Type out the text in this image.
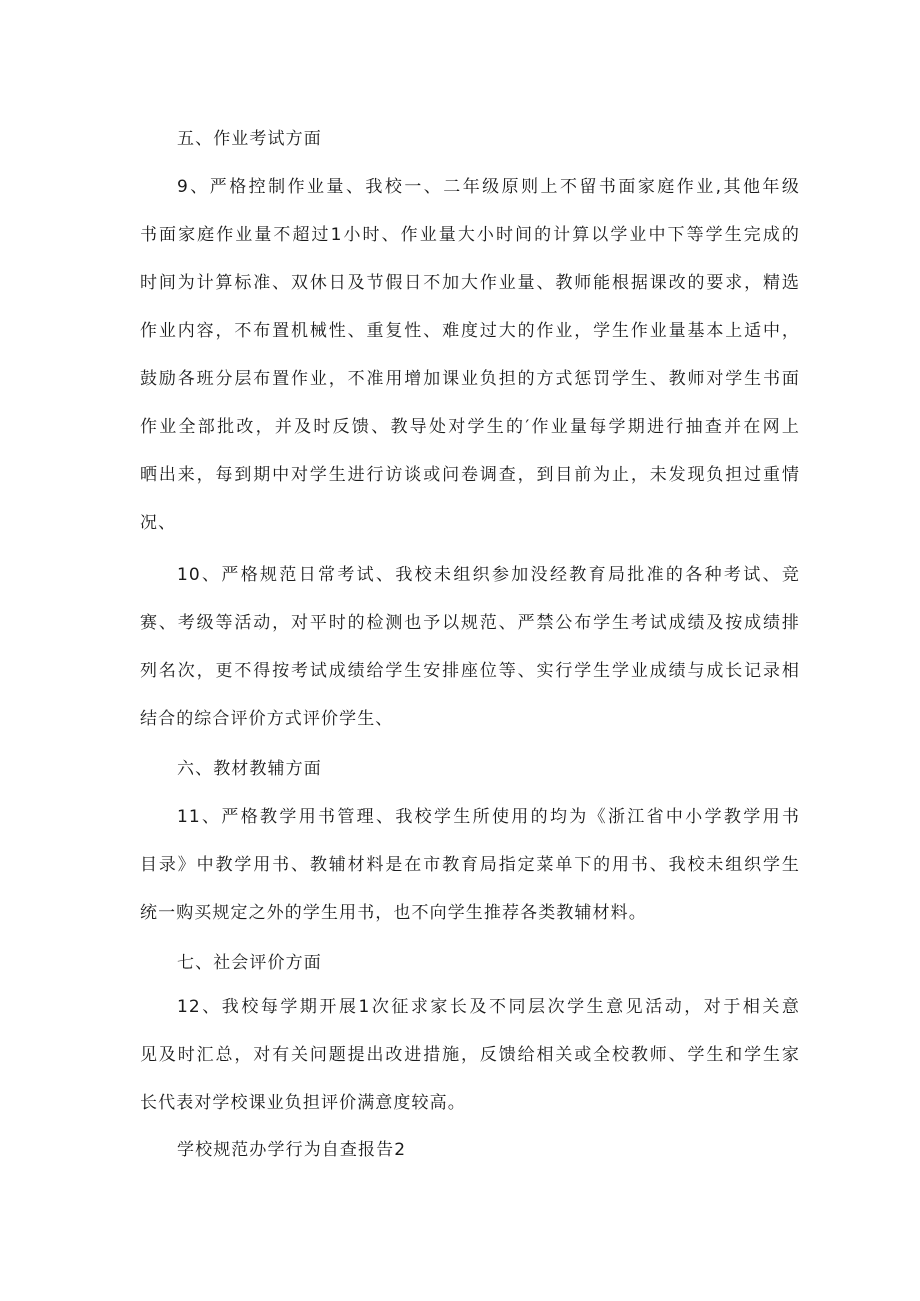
五、作业考试方面
9、严格控制作业量、我校一、二年级原则上不留书面家庭作业,其他年级
书面家庭作业量不超过1小时、作业量大小时间的计算以学业中下等学生完成的
时间为计算标准、双休日及节假日不加大作业量、教师能根据课改的要求，精选
作业内容，不布置机械性、重复性、难度过大的作业，学生作业量基本上适中，
鼓励各班分层布置作业，不准用增加课业负担的方式惩罚学生、教师对学生书面
作业全部批改，并及时反馈、教导处对学生的′作业量每学期进行抽查并在网上
晒出来，每到期中对学生进行访谈或问卷调查，到目前为止，未发现负担过重情
况、
10、严格规范日常考试、我校未组织参加没经教育局批准的各种考试、竞
赛、考级等活动，对平时的检测也予以规范、严禁公布学生考试成绩及按成绩排
列名次，更不得按考试成绩给学生安排座位等、实行学生学业成绩与成长记录相
结合的综合评价方式评价学生、
六、教材教辅方面
11、严格教学用书管理、我校学生所使用的均为《浙江省中小学教学用书
目录》中教学用书、教辅材料是在市教育局指定菜单下的用书、我校未组织学生
统一购买规定之外的学生用书，也不向学生推荐各类教辅材料。
七、社会评价方面
12、我校每学期开展1次征求家长及不同层次学生意见活动，对于相关意
见及时汇总，对有关问题提出改进措施，反馈给相关或全校教师、学生和学生家
长代表对学校课业负担评价满意度较高。
学校规范办学行为自查报告2
